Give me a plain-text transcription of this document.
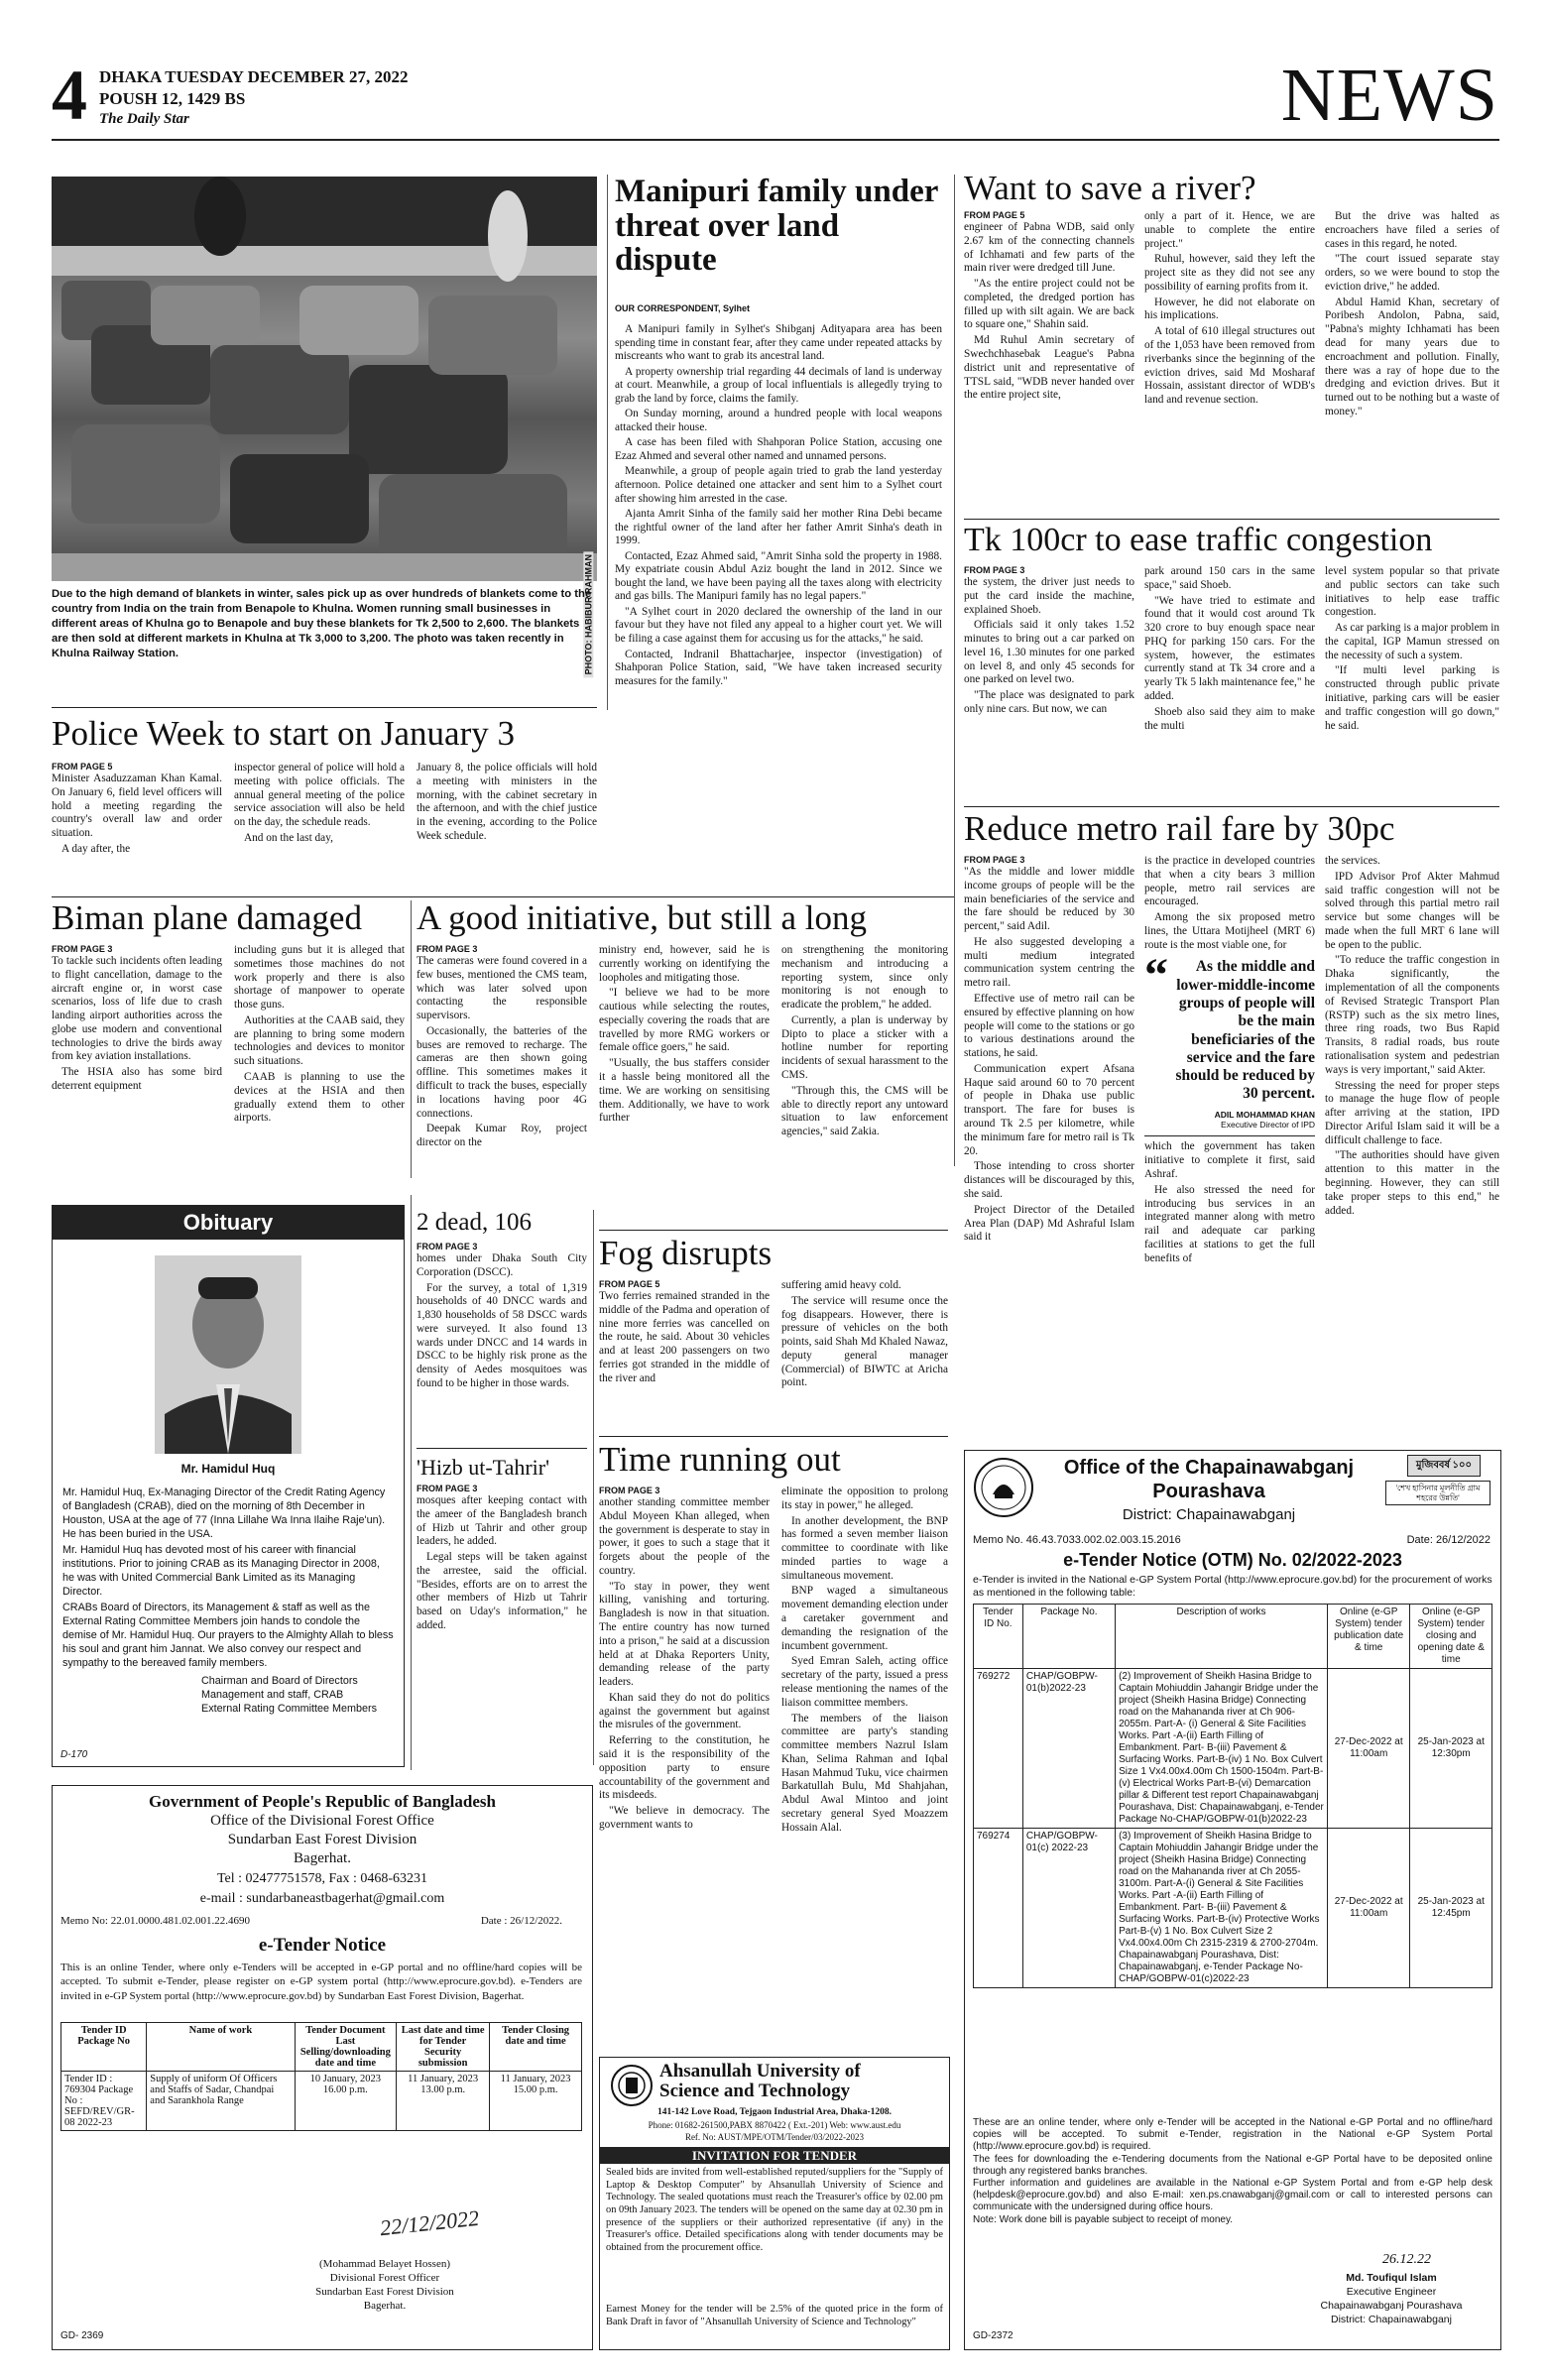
4 DHAKA TUESDAY DECEMBER 27, 2022
POUSH 12, 1429 BS
The Daily Star	NEWS
PHOTO: HABIBUR RAHMAN
Due to the high demand of blankets in winter, sales pick up as over hundreds of blankets come to the country from India on the train from Benapole to Khulna. Women running small businesses in different areas of Khulna go to Benapole and buy these blankets for Tk 2,500 to 2,600. The blankets are then sold at different markets in Khulna at Tk 3,000 to 3,200. The photo was taken recently in Khulna Railway Station.
Manipuri family under threat over land dispute
OUR CORRESPONDENT, Sylhet

A Manipuri family in Sylhet's Shibganj Adityapara area has been spending time in constant fear, after they came under repeated attacks by miscreants who want to grab its ancestral land.

A property ownership trial regarding 44 decimals of land is underway at court. Meanwhile, a group of local influentials is allegedly trying to grab the land by force, claims the family.

On Sunday morning, around a hundred people with local weapons attacked their house.

A case has been filed with Shahporan Police Station, accusing one Ezaz Ahmed and several other named and unnamed persons.

Meanwhile, a group of people again tried to grab the land yesterday afternoon. Police detained one attacker and sent him to a Sylhet court after showing him arrested in the case.

Ajanta Amrit Sinha of the family said her mother Rina Debi became the rightful owner of the land after her father Amrit Sinha's death in 1999.

Contacted, Ezaz Ahmed said, "Amrit Sinha sold the property in 1988. My expatriate cousin Abdul Aziz bought the land in 2012. Since we bought the land, we have been paying all the taxes along with electricity and gas bills. The Manipuri family has no legal papers."

"A Sylhet court in 2020 declared the ownership of the land in our favour but they have not filed any appeal to a higher court yet. We will be filing a case against them for accusing us for the attacks," he said.

Contacted, Indranil Bhattacharjee, inspector (investigation) of Shahporan Police Station, said, "We have taken increased security measures for the family."

Want to save a river?
FROM PAGE 5

engineer of Pabna WDB, said only 2.67 km of the connecting channels of Ichhamati and few parts of the main river were dredged till June.

"As the entire project could not be completed, the dredged portion has filled up with silt again. We are back to square one," Shahin said.

Md Ruhul Amin secretary of Swechchhasebak League's Pabna district unit and representative of TTSL said, "WDB never handed over the entire project site,

only a part of it. Hence, we are unable to complete the entire project."

Ruhul, however, said they left the project site as they did not see any possibility of earning profits from it.

However, he did not elaborate on his implications.

A total of 610 illegal structures out of the 1,053 have been removed from riverbanks since the beginning of the eviction drives, said Md Mosharaf Hossain, assistant director of WDB's land and revenue section.

But the drive was halted as encroachers have filed a series of cases in this regard, he noted.

"The court issued separate stay orders, so we were bound to stop the eviction drive," he added.

Abdul Hamid Khan, secretary of Poribesh Andolon, Pabna, said, "Pabna's mighty Ichhamati has been dead for many years due to encroachment and pollution. Finally, there was a ray of hope due to the dredging and eviction drives. But it turned out to be nothing but a waste of money."

Tk 100cr to ease traffic congestion
FROM PAGE 3

the system, the driver just needs to put the card inside the machine, explained Shoeb.

Officials said it only takes 1.52 minutes to bring out a car parked on level 16, 1.30 minutes for one parked on level 8, and only 45 seconds for one parked on level two.

"The place was designated to park only nine cars. But now, we can

park around 150 cars in the same space," said Shoeb.

"We have tried to estimate and found that it would cost around Tk 320 crore to buy enough space near PHQ for parking 150 cars. For the system, however, the estimates currently stand at Tk 34 crore and a yearly Tk 5 lakh maintenance fee," he added.

Shoeb also said they aim to make the multi

level system popular so that private and public sectors can take such initiatives to help ease traffic congestion.

As car parking is a major problem in the capital, IGP Mamun stressed on the necessity of such a system.

"If multi level parking is constructed through public private initiative, parking cars will be easier and traffic congestion will go down," he said.

Police Week to start on January 3
FROM PAGE 5

Minister Asaduzzaman Khan Kamal. On January 6, field level officers will hold a meeting regarding the country's overall law and order situation.

A day after, the

inspector general of police will hold a meeting with police officials. The annual general meeting of the police service association will also be held on the day, the schedule reads.

And on the last day,

January 8, the police officials will hold a meeting with ministers in the morning, with the cabinet secretary in the afternoon, and with the chief justice in the evening, according to the Police Week schedule.	Reduce metro rail fare by 30pc
FROM PAGE 3

"As the middle and lower middle income groups of people will be the main beneficiaries of the service and the fare should be reduced by 30 percent," said Adil.

He also suggested developing a multi medium integrated communication system centring the metro rail.

Effective use of metro rail can be ensured by effective planning on how people will come to the stations or go to various destinations around the stations, he said.

Communication expert Afsana Haque said around 60 to 70 percent of people in Dhaka use public transport. The fare for buses is around Tk 2.5 per kilometre, while the minimum fare for metro rail is Tk 20.

Those intending to cross shorter distances will be discouraged by this, she said.

Project Director of the Detailed Area Plan (DAP) Md Ashraful Islam said it

is the practice in developed countries that when a city bears 3 million people, metro rail services are encouraged.

Among the six proposed metro lines, the Uttara Motijheel (MRT 6) route is the most viable one, for

“	As the middle and lower-middle-income groups of people will be the main beneficiaries of the service and the fare should be reduced by 30 percent.
ADIL MOHAMMAD KHAN
Executive Director of IPD

which the government has taken initiative to complete it first, said Ashraf.

He also stressed the need for introducing bus services in an integrated manner along with metro rail and adequate car parking facilities at stations to get the full benefits of

the services.

IPD Advisor Prof Akter Mahmud said traffic congestion will not be solved through this partial metro rail service but some changes will be made when the full MRT 6 lane will be open to the public.

"To reduce the traffic congestion in Dhaka significantly, the implementation of all the components of Revised Strategic Transport Plan (RSTP) such as the six metro lines, three ring roads, two Bus Rapid Transits, 8 radial roads, bus route rationalisation system and pedestrian ways is very important," said Akter.

Stressing the need for proper steps to manage the huge flow of people after arriving at the station, IPD Director Ariful Islam said it will be a difficult challenge to face.

"The authorities should have given attention to this matter in the beginning. However, they can still take proper steps to this end," he added.

Biman plane damaged
FROM PAGE 3

To tackle such incidents often leading to flight cancellation, damage to the aircraft engine or, in worst case scenarios, loss of life due to crash landing airport authorities across the globe use modern and conventional technologies to drive the birds away from key aviation installations.

The HSIA also has some bird deterrent equipment

including guns but it is alleged that sometimes those machines do not work properly and there is also shortage of manpower to operate those guns.

Authorities at the CAAB said, they are planning to bring some modern technologies and devices to monitor such situations.

CAAB is planning to use the devices at the HSIA and then gradually extend them to other airports.

A good initiative, but still a long
FROM PAGE 3

The cameras were found covered in a few buses, mentioned the CMS team, which was later solved upon contacting the responsible supervisors.

Occasionally, the batteries of the buses are removed to recharge. The cameras are then shown going offline. This sometimes makes it difficult to track the buses, especially in locations having poor 4G connections.

Deepak Kumar Roy, project director on the

ministry end, however, said he is currently working on identifying the loopholes and mitigating those.

"I believe we had to be more cautious while selecting the routes, especially covering the roads that are travelled by more RMG workers or female office goers," he said.

"Usually, the bus staffers consider it a hassle being monitored all the time. We are working on sensitising them. Additionally, we have to work further

on strengthening the monitoring mechanism and introducing a reporting system, since only monitoring is not enough to eradicate the problem," he added.

Currently, a plan is underway by Dipto to place a sticker with a hotline number for reporting incidents of sexual harassment to the CMS.

"Through this, the CMS will be able to directly report any untoward situation to law enforcement agencies," said Zakia.

Obituary
Mr. Hamidul Huq

Mr. Hamidul Huq, Ex-Managing Director of the Credit Rating Agency of Bangladesh (CRAB), died on the morning of 8th December in Houston, USA at the age of 77 (Inna Lillahe Wa Inna Ilaihe Raje'un). He has been buried in the USA.

Mr. Hamidul Huq has devoted most of his career with financial institutions. Prior to joining CRAB as its Managing Director in 2008, he was with United Commercial Bank Limited as its Managing Director.

CRABs Board of Directors, its Management & staff as well as the External Rating Committee Members join hands to condole the demise of Mr. Hamidul Huq. Our prayers to the Almighty Allah to bless his soul and grant him Jannat. We also convey our respect and sympathy to the bereaved family members.

Chairman and Board of Directors
Management and staff, CRAB
External Rating Committee Members
D-170
2 dead, 106
FROM PAGE 3

homes under Dhaka South City Corporation (DSCC).

For the survey, a total of 1,319 households of 40 DNCC wards and 1,830 households of 58 DSCC wards were surveyed. It also found 13 wards under DNCC and 14 wards in DSCC to be highly risk prone as the density of Aedes mosquitoes was found to be higher in those wards.

'Hizb ut-Tahrir'
FROM PAGE 3

mosques after keeping contact with the ameer of the Bangladesh branch of Hizb ut Tahrir and other group leaders, he added.

Legal steps will be taken against the arrestee, said the official. "Besides, efforts are on to arrest the other members of Hizb ut Tahrir based on Uday's information," he added.

Fog disrupts
FROM PAGE 5

Two ferries remained stranded in the middle of the Padma and operation of nine more ferries was cancelled on the route, he said. About 30 vehicles and at least 200 passengers on two ferries got stranded in the middle of the river and

suffering amid heavy cold.

The service will resume once the fog disappears. However, there is pressure of vehicles on the both points, said Shah Md Khaled Nawaz, deputy general manager (Commercial) of BIWTC at Aricha point.

Time running out
FROM PAGE 3

another standing committee member Abdul Moyeen Khan alleged, when the government is desperate to stay in power, it goes to such a stage that it forgets about the people of the country.

"To stay in power, they went killing, vanishing and torturing. Bangladesh is now in that situation. The entire country has now turned into a prison," he said at a discussion held at at Dhaka Reporters Unity, demanding release of the party leaders.

Khan said they do not do politics against the government but against the misrules of the government.

Referring to the constitution, he said it is the responsibility of the opposition party to ensure accountability of the government and its misdeeds.

"We believe in democracy. The government wants to

eliminate the opposition to prolong its stay in power," he alleged.

In another development, the BNP has formed a seven member liaison committee to coordinate with like minded parties to wage a simultaneous movement.

BNP waged a simultaneous movement demanding election under a caretaker government and demanding the resignation of the incumbent government.

Syed Emran Saleh, acting office secretary of the party, issued a press release mentioning the names of the liaison committee members.

The members of the liaison committee are party's standing committee members Nazrul Islam Khan, Selima Rahman and Iqbal Hasan Mahmud Tuku, vice chairmen Barkatullah Bulu, Md Shahjahan, Abdul Awal Mintoo and joint secretary general Syed Moazzem Hossain Alal.

Government of People's Republic of Bangladesh
Office of the Divisional Forest Office
Sundarban East Forest Division
Bagerhat.
Tel : 02477751578, Fax : 0468-63231
e-mail : sundarbaneastbagerhat@gmail.com
Memo No: 22.01.0000.481.02.001.22.4690	Date : 26/12/2022.
e-Tender Notice
This is an online Tender, where only e-Tenders will be accepted in e-GP portal and no offline/hard copies will be accepted. To submit e-Tender, please register on e-GP system portal (http://www.eprocure.gov.bd). e-Tenders are invited in e-GP System portal (http://www.eprocure.gov.bd) by Sundarban East Forest Division, Bagerhat.
Tender ID Package No	Name of work	Tender Document Last Selling/downloading date and time	Last date and time for Tender Security submission	Tender Closing date and time
Tender ID : 769304 Package No : SEFD/REV/GR-08 2022-23	Supply of uniform Of Officers and Staffs of Sadar, Chandpai and Sarankhola Range	10 January, 2023 16.00 p.m.	11 January, 2023 13.00 p.m.	11 January, 2023 15.00 p.m.
22/12/2022
(Mohammad Belayet Hossen)
Divisional Forest Officer
Sundarban East Forest Division
Bagerhat.
GD- 2369
Ahsanullah University of
Science and Technology
141-142 Love Road, Tejgaon Industrial Area, Dhaka-1208.
Phone: 01682-261500,PABX 8870422 ( Ext.-201) Web: www.aust.edu
Ref. No: AUST/MPE/OTM/Tender/03/2022-2023
INVITATION FOR TENDER
Sealed bids are invited from well-established reputed/suppliers for the "Supply of Laptop & Desktop Computer" by Ahsanullah University of Science and Technology. The sealed quotations must reach the Treasurer's office by 02.00 pm on 09th January 2023. The tenders will be opened on the same day at 02.30 pm in presence of the suppliers or their authorized representative (if any) in the Treasurer's office. Detailed specifications along with tender documents may be obtained from the procurement office.
Earnest Money for the tender will be 2.5% of the quoted price in the form of Bank Draft in favor of "Ahsanullah University of Science and Technology"
Office of the Chapainawabganj
Pourashava
District: Chapainawabganj
মুজিববর্ষ ১০০
'শেখ হাসিনার মূলনীতি গ্রাম শহরের উন্নতি'
Memo No. 46.43.7033.002.02.003.15.2016	Date: 26/12/2022
e-Tender Notice (OTM) No. 02/2022-2023
e-Tender is invited in the National e-GP System Portal (http://www.eprocure.gov.bd) for the procurement of works as mentioned in the following table:
Tender ID No.	Package No.	Description of works	Online (e-GP System) tender publication date & time	Online (e-GP System) tender closing and opening date & time
769272	CHAP/GOBPW-01(b)2022-23	(2) Improvement of Sheikh Hasina Bridge to Captain Mohiuddin Jahangir Bridge under the project (Sheikh Hasina Bridge) Connecting road on the Mahananda river at Ch 906-2055m. Part-A- (i) General & Site Facilities Works. Part -A-(ii) Earth Filling of Embankment. Part- B-(iii) Pavement & Surfacing Works. Part-B-(iv) 1 No. Box Culvert Size 1 Vx4.00x4.00m Ch 1500-1504m. Part-B-(v) Electrical Works Part-B-(vi) Demarcation pillar & Different test report Chapainawabganj Pourashava, Dist: Chapainawabganj, e-Tender Package No-CHAP/GOBPW-01(b)2022-23	27-Dec-2022 at 11:00am	25-Jan-2023 at 12:30pm
769274	CHAP/GOBPW-01(c) 2022-23	(3) Improvement of Sheikh Hasina Bridge to Captain Mohiuddin Jahangir Bridge under the project (Sheikh Hasina Bridge) Connecting road on the Mahananda river at Ch 2055-3100m. Part-A-(i) General & Site Facilities Works. Part -A-(ii) Earth Filling of Embankment. Part- B-(iii) Pavement & Surfacing Works. Part-B-(iv) Protective Works Part-B-(v) 1 No. Box Culvert Size 2 Vx4.00x4.00m Ch 2315-2319 & 2700-2704m. Chapainawabganj Pourashava, Dist: Chapainawabganj, e-Tender Package No-CHAP/GOBPW-01(c)2022-23	27-Dec-2022 at 11:00am	25-Jan-2023 at 12:45pm
These are an online tender, where only e-Tender will be accepted in the National e-GP Portal and no offline/hard copies will be accepted. To submit e-Tender, registration in the National e-GP System Portal (http://www.eprocure.gov.bd) is required.
The fees for downloading the e-Tendering documents from the National e-GP Portal have to be deposited online through any registered banks branches.
Further information and guidelines are available in the National e-GP System Portal and from e-GP help desk (helpdesk@eprocure.gov.bd) and also E-mail: xen.ps.cnawabganj@gmail.com or call to interested persons can communicate with the undersigned during office hours.
Note: Work done bill is payable subject to receipt of money.
26.12.22
Md. Toufiqul Islam
Executive Engineer
Chapainawabganj Pourashava
District: Chapainawabganj
GD-2372
